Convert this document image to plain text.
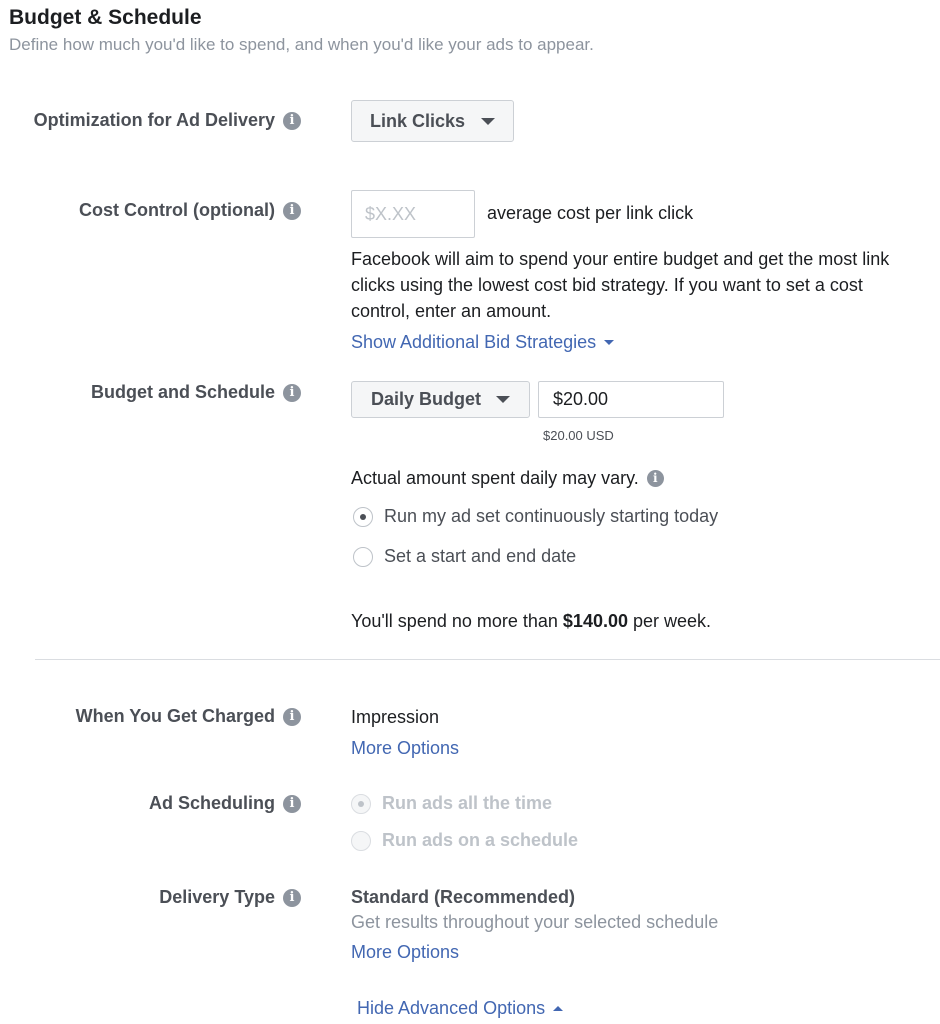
Budget & Schedule
Define how much you'd like to spend, and when you'd like your ads to appear.
Optimization for Ad Delivery	i	Link Clicks
Cost Control (optional)	i	$X.XX	average cost per link click
Facebook will aim to spend your entire budget and get the most link clicks using the lowest cost bid strategy. If you want to set a cost control, enter an amount.
Show Additional Bid Strategies
Budget and Schedule	i	Daily Budget	$20.00
$20.00 USD
Actual amount spent daily may vary.	i
Run my ad set continuously starting today
Set a start and end date
You'll spend no more than $140.00 per week.
When You Get Charged	i	Impression
More Options
Ad Scheduling	i	Run ads all the time
Run ads on a schedule
Delivery Type	i	Standard (Recommended)
Get results throughout your selected schedule
More Options
Hide Advanced Options
